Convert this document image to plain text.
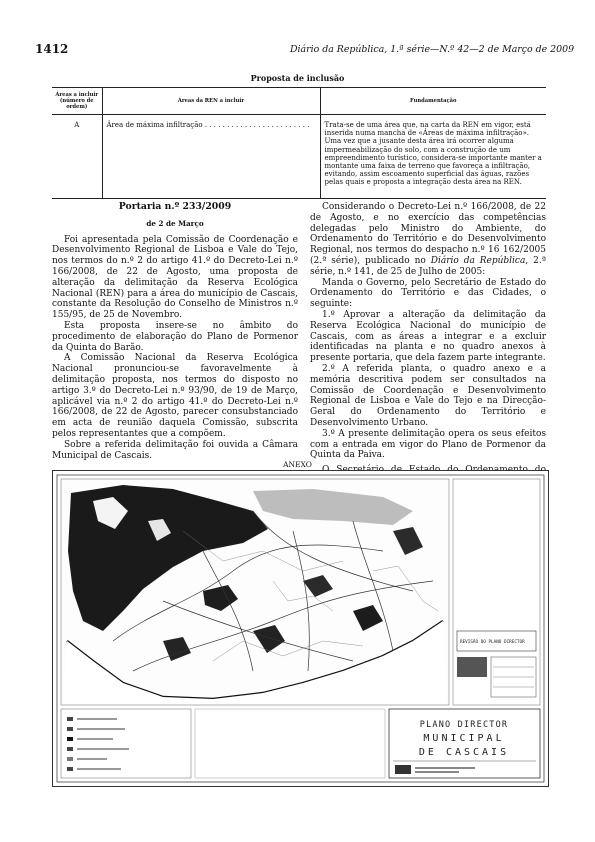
1412	Diário da República, 1.ª série—N.º 42—2 de Março de 2009
Proposta de inclusão
Áreas a incluir (número de ordem)	Áreas da REN a incluir	Fundamentação
A	Área de máxima infiltração . . . . . . . . . . . . . . . . . . . . . . . .	Trata-se de uma área que, na carta da REN em vigor, está inserida numa mancha de «Áreas de máxima infiltração». Uma vez que a jusante desta área irá ocorrer alguma impermeabilização do solo, com a construção de um empreendimento turístico, considera-se importante manter a montante uma faixa de terreno que favoreça a infiltração, evitando, assim escoamento superficial das águas, razões pelas quais e proposta a integração desta área na REN.

Portaria n.º 233/2009

de 2 de Março

Foi apresentada pela Comissão de Coordenação e Desenvolvimento Regional de Lisboa e Vale do Tejo, nos termos do n.º 2 do artigo 41.º do Decreto-Lei n.º 166/2008, de 22 de Agosto, uma proposta de alteração da delimitação da Reserva Ecológica Nacional (REN) para a área do município de Cascais, constante da Resolução do Conselho de Ministros n.º 155/95, de 25 de Novembro.

Esta proposta insere-se no âmbito do procedimento de elaboração do Plano de Pormenor da Quinta do Barão.

A Comissão Nacional da Reserva Ecológica Nacional pronunciou-se favoravelmente à delimitação proposta, nos termos do disposto no artigo 3.º do Decreto-Lei n.º 93/90, de 19 de Março, aplicável via n.º 2 do artigo 41.º do Decreto-Lei n.º 166/2008, de 22 de Agosto, parecer consubstanciado em acta de reunião daquela Comissão, subscrita pelos representantes que a compõem.

Sobre a referida delimitação foi ouvida a Câmara Municipal de Cascais.

Considerando o Decreto-Lei n.º 166/2008, de 22 de Agosto, e no exercício das competências delegadas pelo Ministro do Ambiente, do Ordenamento do Território e do Desenvolvimento Regional, nos termos do despacho n.º 16 162/2005 (2.ª série), publicado no Diário da República, 2.ª série, n.º 141, de 25 de Julho de 2005:

Manda o Governo, pelo Secretário de Estado do Ordenamento do Território e das Cidades, o seguinte:

1.º Aprovar a alteração da delimitação da Reserva Ecológica Nacional do município de Cascais, com as áreas a integrar e a excluir identificadas na planta e no quadro anexos à presente portaria, que dela fazem parte integrante.

2.º A referida planta, o quadro anexo e a memória descritiva podem ser consultados na Comissão de Coordenação e Desenvolvimento Regional de Lisboa e Vale do Tejo e na Direcção-Geral do Ordenamento do Território e Desenvolvimento Urbano.

3.º A presente delimitação opera os seus efeitos com a entrada em vigor do Plano de Pormenor da Quinta da Paiva.

ANEXO
REVISÃO DO PLANO DIRECTOR
PLANO DIRECTOR
MUNICIPAL
DE CASCAIS
